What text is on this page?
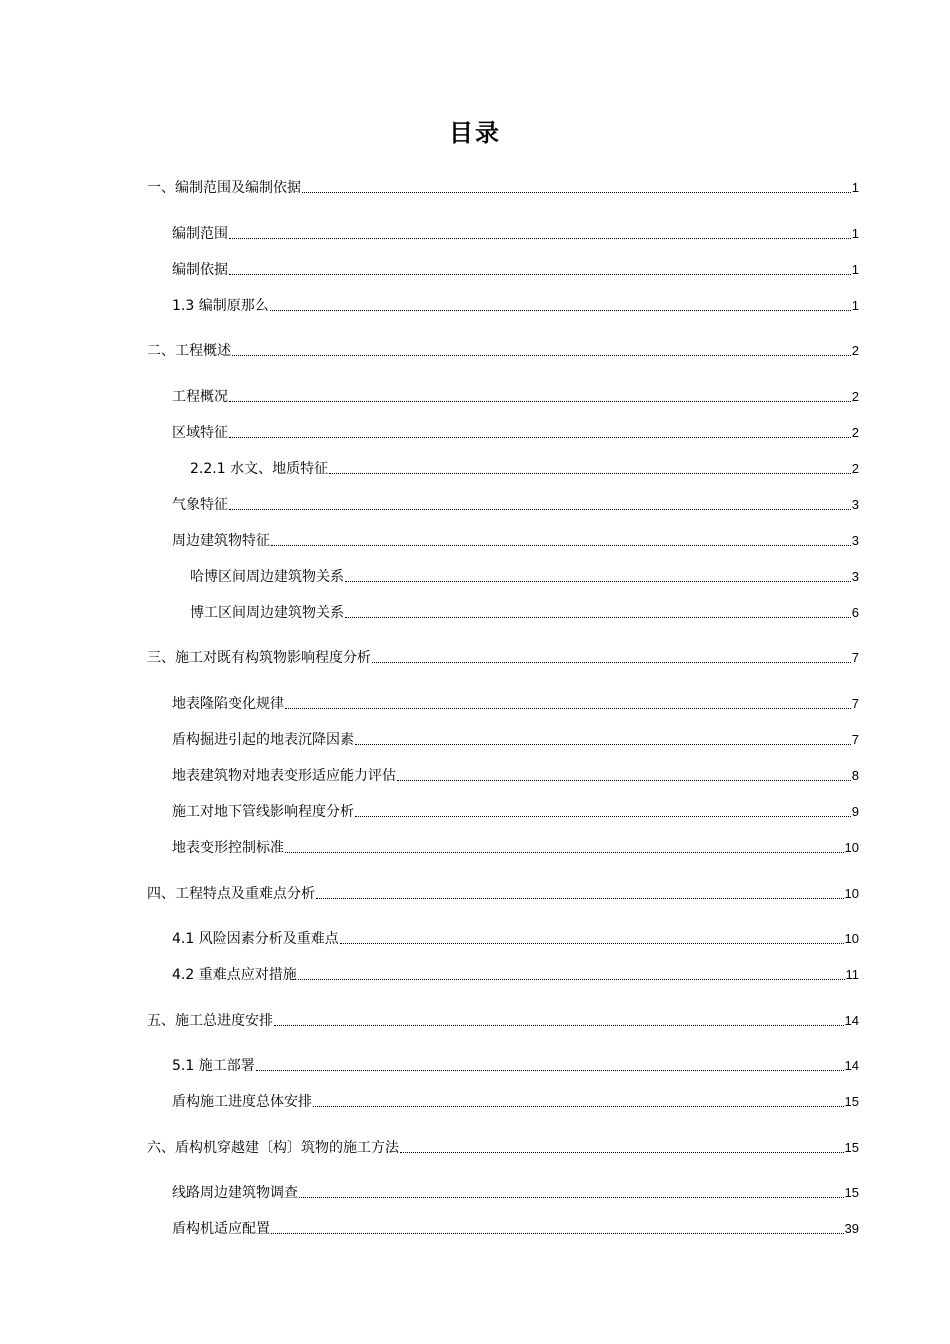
目录
一、编制范围及编制依据	1
编制范围	1
编制依据	1
1.3 编制原那么	1
二、工程概述	2
工程概况	2
区域特征	2
2.2.1 水文、地质特征	2
气象特征	3
周边建筑物特征	3
哈博区间周边建筑物关系	3
博工区间周边建筑物关系	6
三、施工对既有构筑物影响程度分析	7
地表隆陷变化规律	7
盾构掘进引起的地表沉降因素	7
地表建筑物对地表变形适应能力评估	8
施工对地下管线影响程度分析	9
地表变形控制标准	10
四、工程特点及重难点分析	10
4.1 风险因素分析及重难点	10
4.2 重难点应对措施	11
五、施工总进度安排	14
5.1 施工部署	14
盾构施工进度总体安排	15
六、盾构机穿越建〔构〕筑物的施工方法	15
线路周边建筑物调查	15
盾构机适应配置	39
